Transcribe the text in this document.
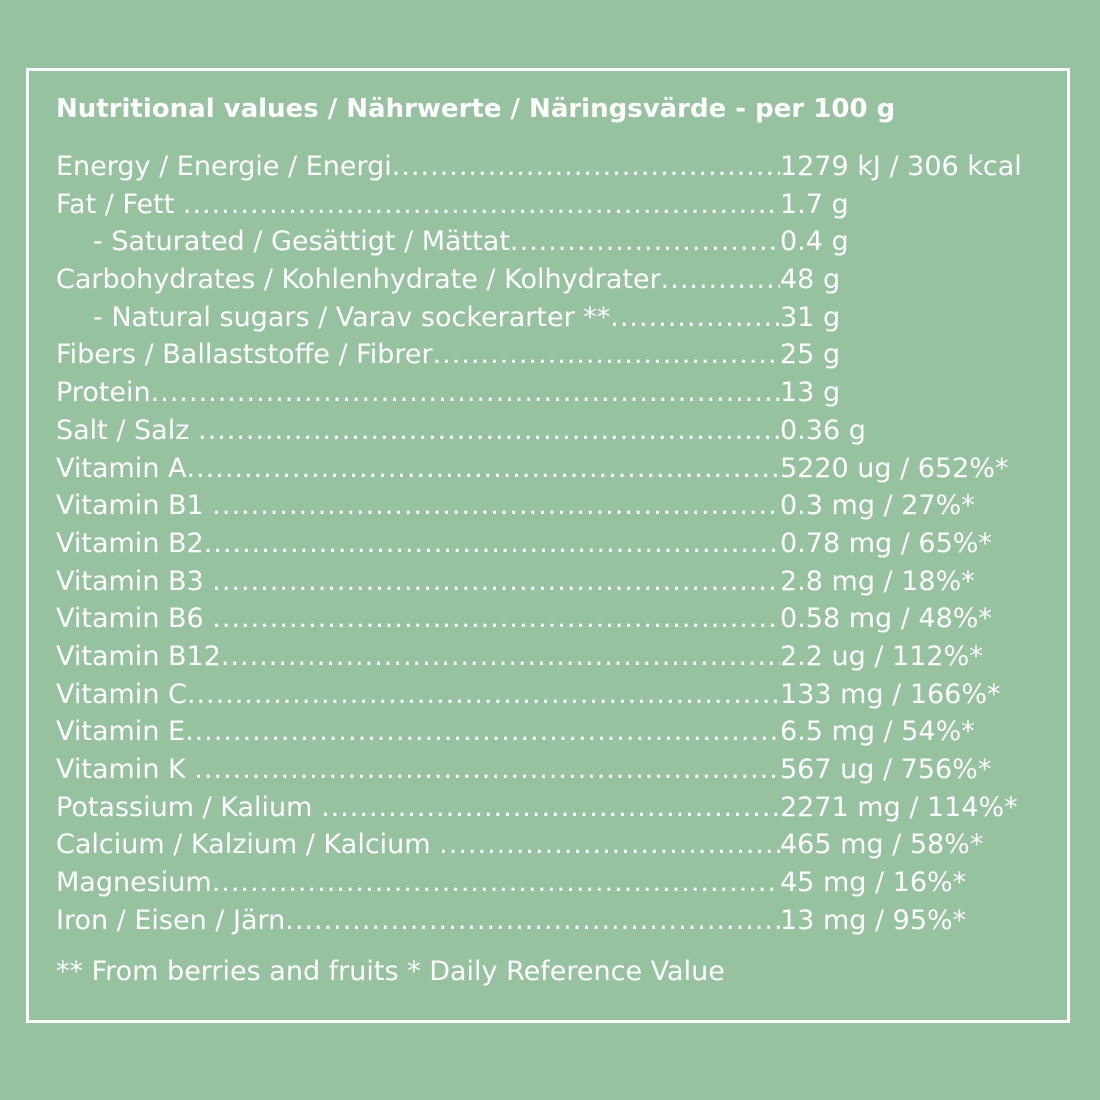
Nutritional values / Nährwerte / Näringsvärde - per 100 g
Energy / Energie / Energi .....	1279 kJ / 306 kcal
Fat / Fett .....	1.7 g
- Saturated / Gesättigt / Mättat .....	0.4 g
Carbohydrates / Kohlenhydrate / Kolhydrater .....	48 g
- Natural sugars / Varav sockerarter ** .....	31 g
Fibers / Ballaststoffe / Fibrer .....	25 g
Protein .....	13 g
Salt / Salz .....	0.36 g
Vitamin A .....	5220 ug / 652%*
Vitamin B1 .....	0.3 mg / 27%*
Vitamin B2 .....	0.78 mg / 65%*
Vitamin B3 .....	2.8 mg / 18%*
Vitamin B6 .....	0.58 mg / 48%*
Vitamin B12 .....	2.2 ug / 112%*
Vitamin C .....	133 mg / 166%*
Vitamin E .....	6.5 mg / 54%*
Vitamin K .....	567 ug / 756%*
Potassium / Kalium .....	2271 mg / 114%*
Calcium / Kalzium / Kalcium .....	465 mg / 58%*
Magnesium .....	45 mg / 16%*
Iron / Eisen / Järn .....	13 mg / 95%*
** From berries and fruits * Daily Reference Value
